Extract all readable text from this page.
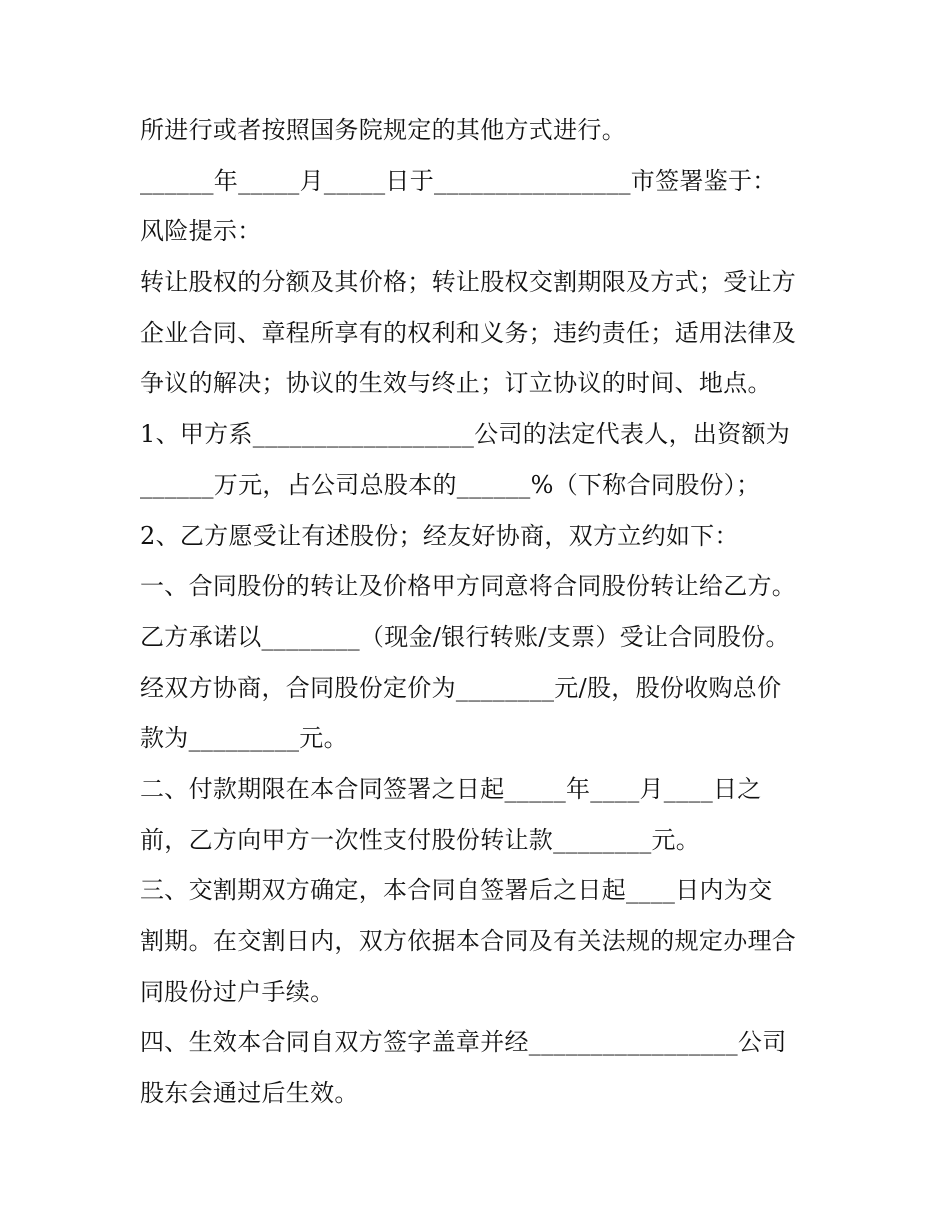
所进行或者按照国务院规定的其他方式进行。
______年_____月_____日于________________市签署鉴于：
风险提示：
转让股权的分额及其价格；转让股权交割期限及方式；受让方
企业合同、章程所享有的权利和义务；违约责任；适用法律及
争议的解决；协议的生效与终止；订立协议的时间、地点。
1、甲方系__________________公司的法定代表人，出资额为
______万元，占公司总股本的______%（下称合同股份）；
2、乙方愿受让有述股份；经友好协商，双方立约如下：
一、合同股份的转让及价格甲方同意将合同股份转让给乙方。
乙方承诺以________（现金/银行转账/支票）受让合同股份。
经双方协商，合同股份定价为________元/股，股份收购总价
款为_________元。
二、付款期限在本合同签署之日起_____年____月____日之
前，乙方向甲方一次性支付股份转让款________元。
三、交割期双方确定，本合同自签署后之日起____日内为交
割期。在交割日内，双方依据本合同及有关法规的规定办理合
同股份过户手续。
四、生效本合同自双方签字盖章并经_________________公司
股东会通过后生效。
